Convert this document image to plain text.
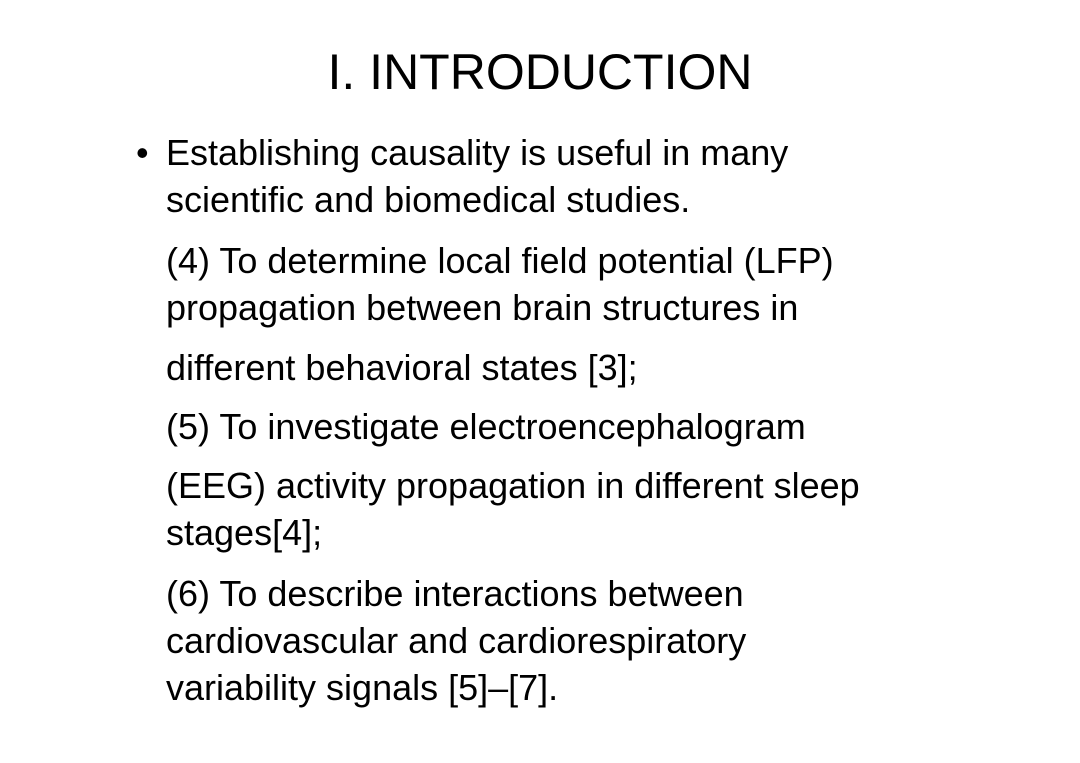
I. INTRODUCTION
• Establishing causality is useful in many
scientific and biomedical studies.
(4) To determine local field potential (LFP)
propagation between brain structures in
different behavioral states [3];
(5) To investigate electroencephalogram
(EEG) activity propagation in different sleep
stages[4];
(6) To describe interactions between
cardiovascular and cardiorespiratory
variability signals [5]–[7].
